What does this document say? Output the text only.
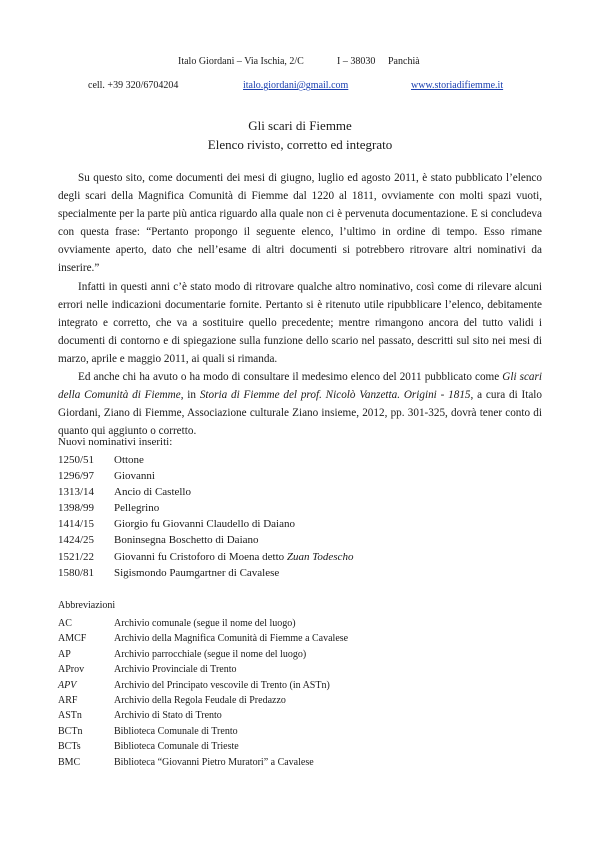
Italo Giordani – Via Ischia, 2/C	I – 38030 Panchià
cell. +39 320/6704204	italo.giordani@gmail.com	www.storiadifiemme.it
Gli scari di Fiemme
Elenco rivisto, corretto ed integrato

Su questo sito, come documenti dei mesi di giugno, luglio ed agosto 2011, è stato pubblicato l’elenco degli scari della Magnifica Comunità di Fiemme dal 1220 al 1811, ovviamente con molti spazi vuoti, specialmente per la parte più antica riguardo alla quale non ci è pervenuta documentazione. E si concludeva con questa frase: “Pertanto propongo il seguente elenco, l’ultimo in ordine di tempo. Esso rimane ovviamente aperto, dato che nell’esame di altri documenti si potrebbero ritrovare altri nominativi da inserire.”

Infatti in questi anni c’è stato modo di ritrovare qualche altro nominativo, così come di rilevare alcuni errori nelle indicazioni documentarie fornite. Pertanto si è ritenuto utile ripubblicare l’elenco, debitamente integrato e corretto, che va a sostituire quello precedente; mentre rimangono ancora del tutto validi i documenti di contorno e di spiegazione sulla funzione dello scario nel passato, descritti sul sito nei mesi di marzo, aprile e maggio 2011, ai quali si rimanda.

Ed anche chi ha avuto o ha modo di consultare il medesimo elenco del 2011 pubblicato come Gli scari della Comunità di Fiemme, in Storia di Fiemme del prof. Nicolò Vanzetta. Origini - 1815, a cura di Italo Giordani, Ziano di Fiemme, Associazione culturale Ziano insieme, 2012, pp. 301-325, dovrà tener conto di quanto qui aggiunto o corretto.

Nuovi nominativi inseriti:
1250/51 Ottone
1296/97 Giovanni
1313/14 Ancio di Castello
1398/99 Pellegrino
1414/15 Giorgio fu Giovanni Claudello di Daiano
1424/25 Boninsegna Boschetto di Daiano
1521/22 Giovanni fu Cristoforo di Moena detto Zuan Todescho
1580/81 Sigismondo Paumgartner di Cavalese
Abbreviazioni
AC	Archivio comunale (segue il nome del luogo)
AMCF	Archivio della Magnifica Comunità di Fiemme a Cavalese
AP	Archivio parrocchiale (segue il nome del luogo)
AProv	Archivio Provinciale di Trento
APV	Archivio del Principato vescovile di Trento (in ASTn)
ARF	Archivio della Regola Feudale di Predazzo
ASTn	Archivio di Stato di Trento
BCTn	Biblioteca Comunale di Trento
BCTs	Biblioteca Comunale di Trieste
BMC	Biblioteca “Giovanni Pietro Muratori” a Cavalese
